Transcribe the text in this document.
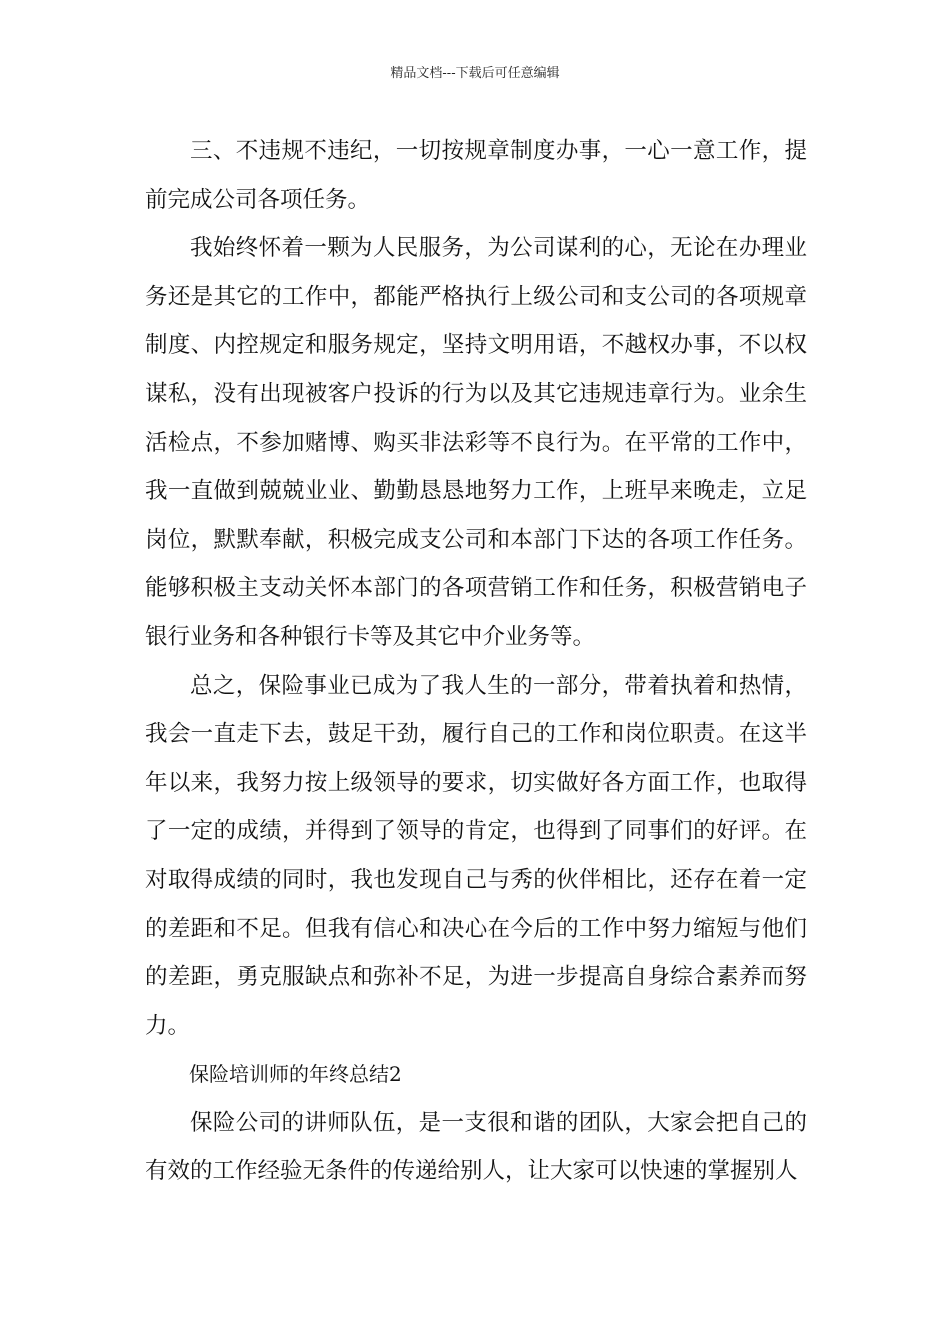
精品文档---下载后可任意编辑

三、不违规不违纪，一切按规章制度办事，一心一意工作，提前完成公司各项任务。

我始终怀着一颗为人民服务，为公司谋利的心，无论在办理业务还是其它的工作中，都能严格执行上级公司和支公司的各项规章制度、内控规定和服务规定，坚持文明用语，不越权办事，不以权谋私，没有出现被客户投诉的行为以及其它违规违章行为。业余生活检点，不参加赌博、购买非法彩等不良行为。在平常的工作中，我一直做到兢兢业业、勤勤恳恳地努力工作，上班早来晚走，立足岗位，默默奉献，积极完成支公司和本部门下达的各项工作任务。能够积极主支动关怀本部门的各项营销工作和任务，积极营销电子银行业务和各种银行卡等及其它中介业务等。

总之，保险事业已成为了我人生的一部分，带着执着和热情，我会一直走下去，鼓足干劲，履行自己的工作和岗位职责。在这半年以来，我努力按上级领导的要求，切实做好各方面工作，也取得了一定的成绩，并得到了领导的肯定，也得到了同事们的好评。在对取得成绩的同时，我也发现自己与秀的伙伴相比，还存在着一定的差距和不足。但我有信心和决心在今后的工作中努力缩短与他们的差距，勇克服缺点和弥补不足，为进一步提高自身综合素养而努力。

保险培训师的年终总结2

保险公司的讲师队伍，是一支很和谐的团队，大家会把自己的有效的工作经验无条件的传递给别人，让大家可以快速的掌握别人
